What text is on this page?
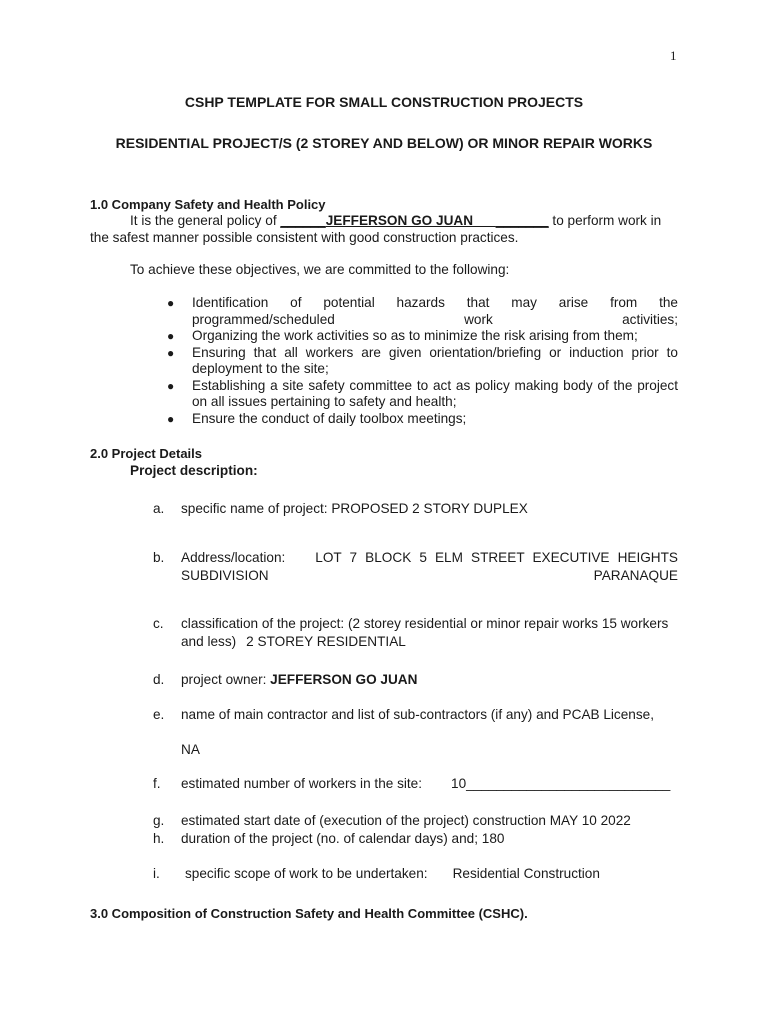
1
CSHP TEMPLATE FOR SMALL CONSTRUCTION PROJECTS
RESIDENTIAL PROJECT/S (2 STOREY AND BELOW) OR MINOR REPAIR WORKS
1.0 Company Safety and Health Policy
It is the general policy of ______JEFFERSON GO JUAN__________ to perform work in the safest manner possible consistent with good construction practices.
To achieve these objectives, we are committed to the following:
● Identification of potential hazards that may arise from the programmed/scheduled work activities;
● Organizing the work activities so as to minimize the risk arising from them;
● Ensuring that all workers are given orientation/briefing or induction prior to deployment to the site;
● Establishing a site safety committee to act as policy making body of the project on all issues pertaining to safety and health;
● Ensure the conduct of daily toolbox meetings;
2.0 Project Details
Project description:
a. specific name of project: PROPOSED 2 STORY DUPLEX
b. Address/location: LOT 7 BLOCK 5 ELM STREET EXECUTIVE HEIGHTS SUBDIVISION PARANAQUE
c. classification of the project: (2 storey residential or minor repair works 15 workers and less) 2 STOREY RESIDENTIAL
d. project owner: JEFFERSON GO JUAN
e. name of main contractor and list of sub-contractors (if any) and PCAB License,
NA
f. estimated number of workers in the site: 10___________________________
g. estimated start date of (execution of the project) construction MAY 10 2022
h. duration of the project (no. of calendar days) and; 180
i. specific scope of work to be undertaken: Residential Construction
3.0 Composition of Construction Safety and Health Committee (CSHC).
